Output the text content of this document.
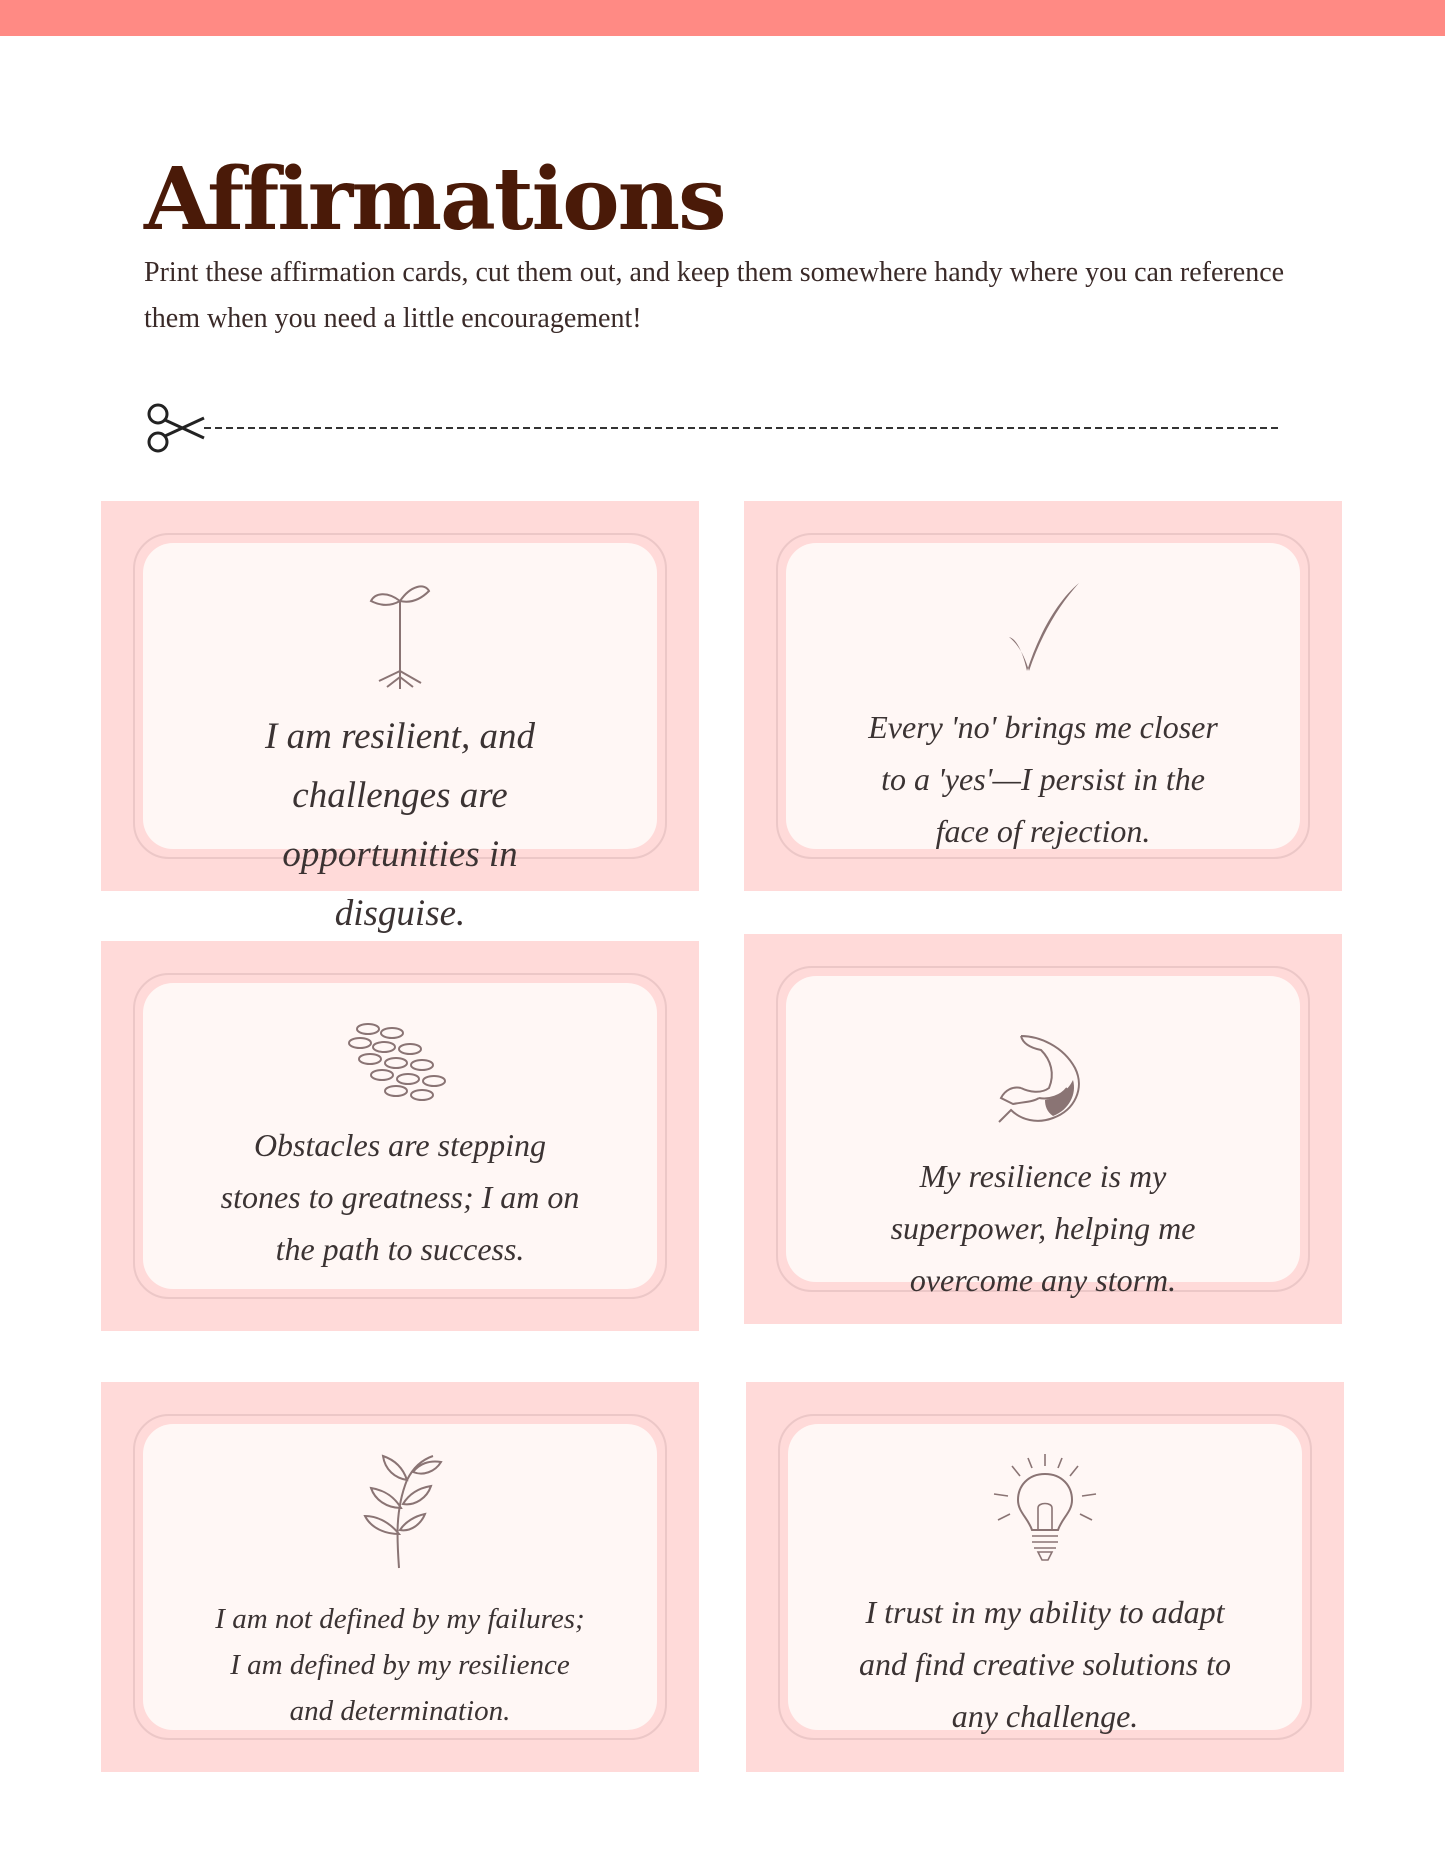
Affirmations

Print these affirmation cards, cut them out, and keep them somewhere handy where you can reference them when you need a little encouragement!

I am resilient, and challenges are opportunities in disguise.

Every 'no' brings me closer to a 'yes'—I persist in the face of rejection.

Obstacles are stepping stones to greatness; I am on the path to success.

My resilience is my superpower, helping me overcome any storm.

I am not defined by my failures; I am defined by my resilience and determination.

I trust in my ability to adapt and find creative solutions to any challenge.
